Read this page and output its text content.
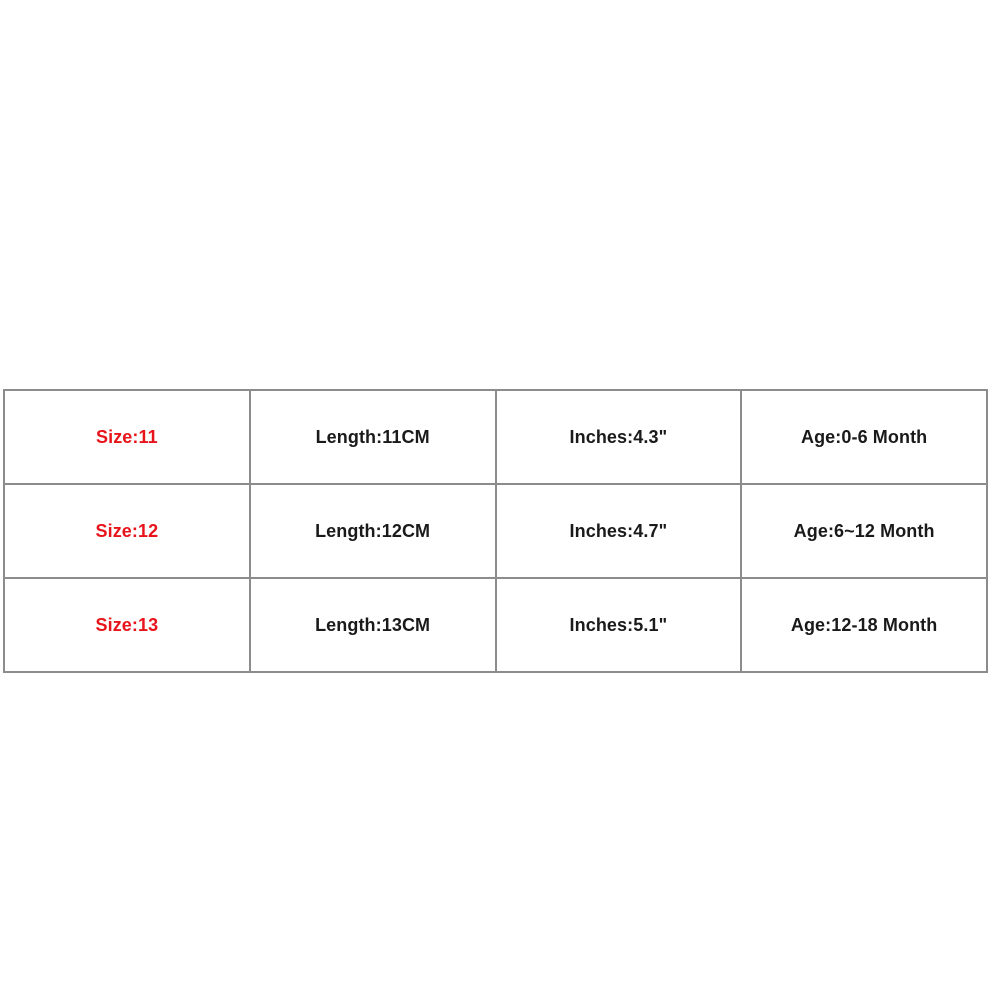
Size:11	Length:11CM	Inches:4.3"	Age:0-6 Month
Size:12	Length:12CM	Inches:4.7"	Age:6~12 Month
Size:13	Length:13CM	Inches:5.1"	Age:12-18 Month
